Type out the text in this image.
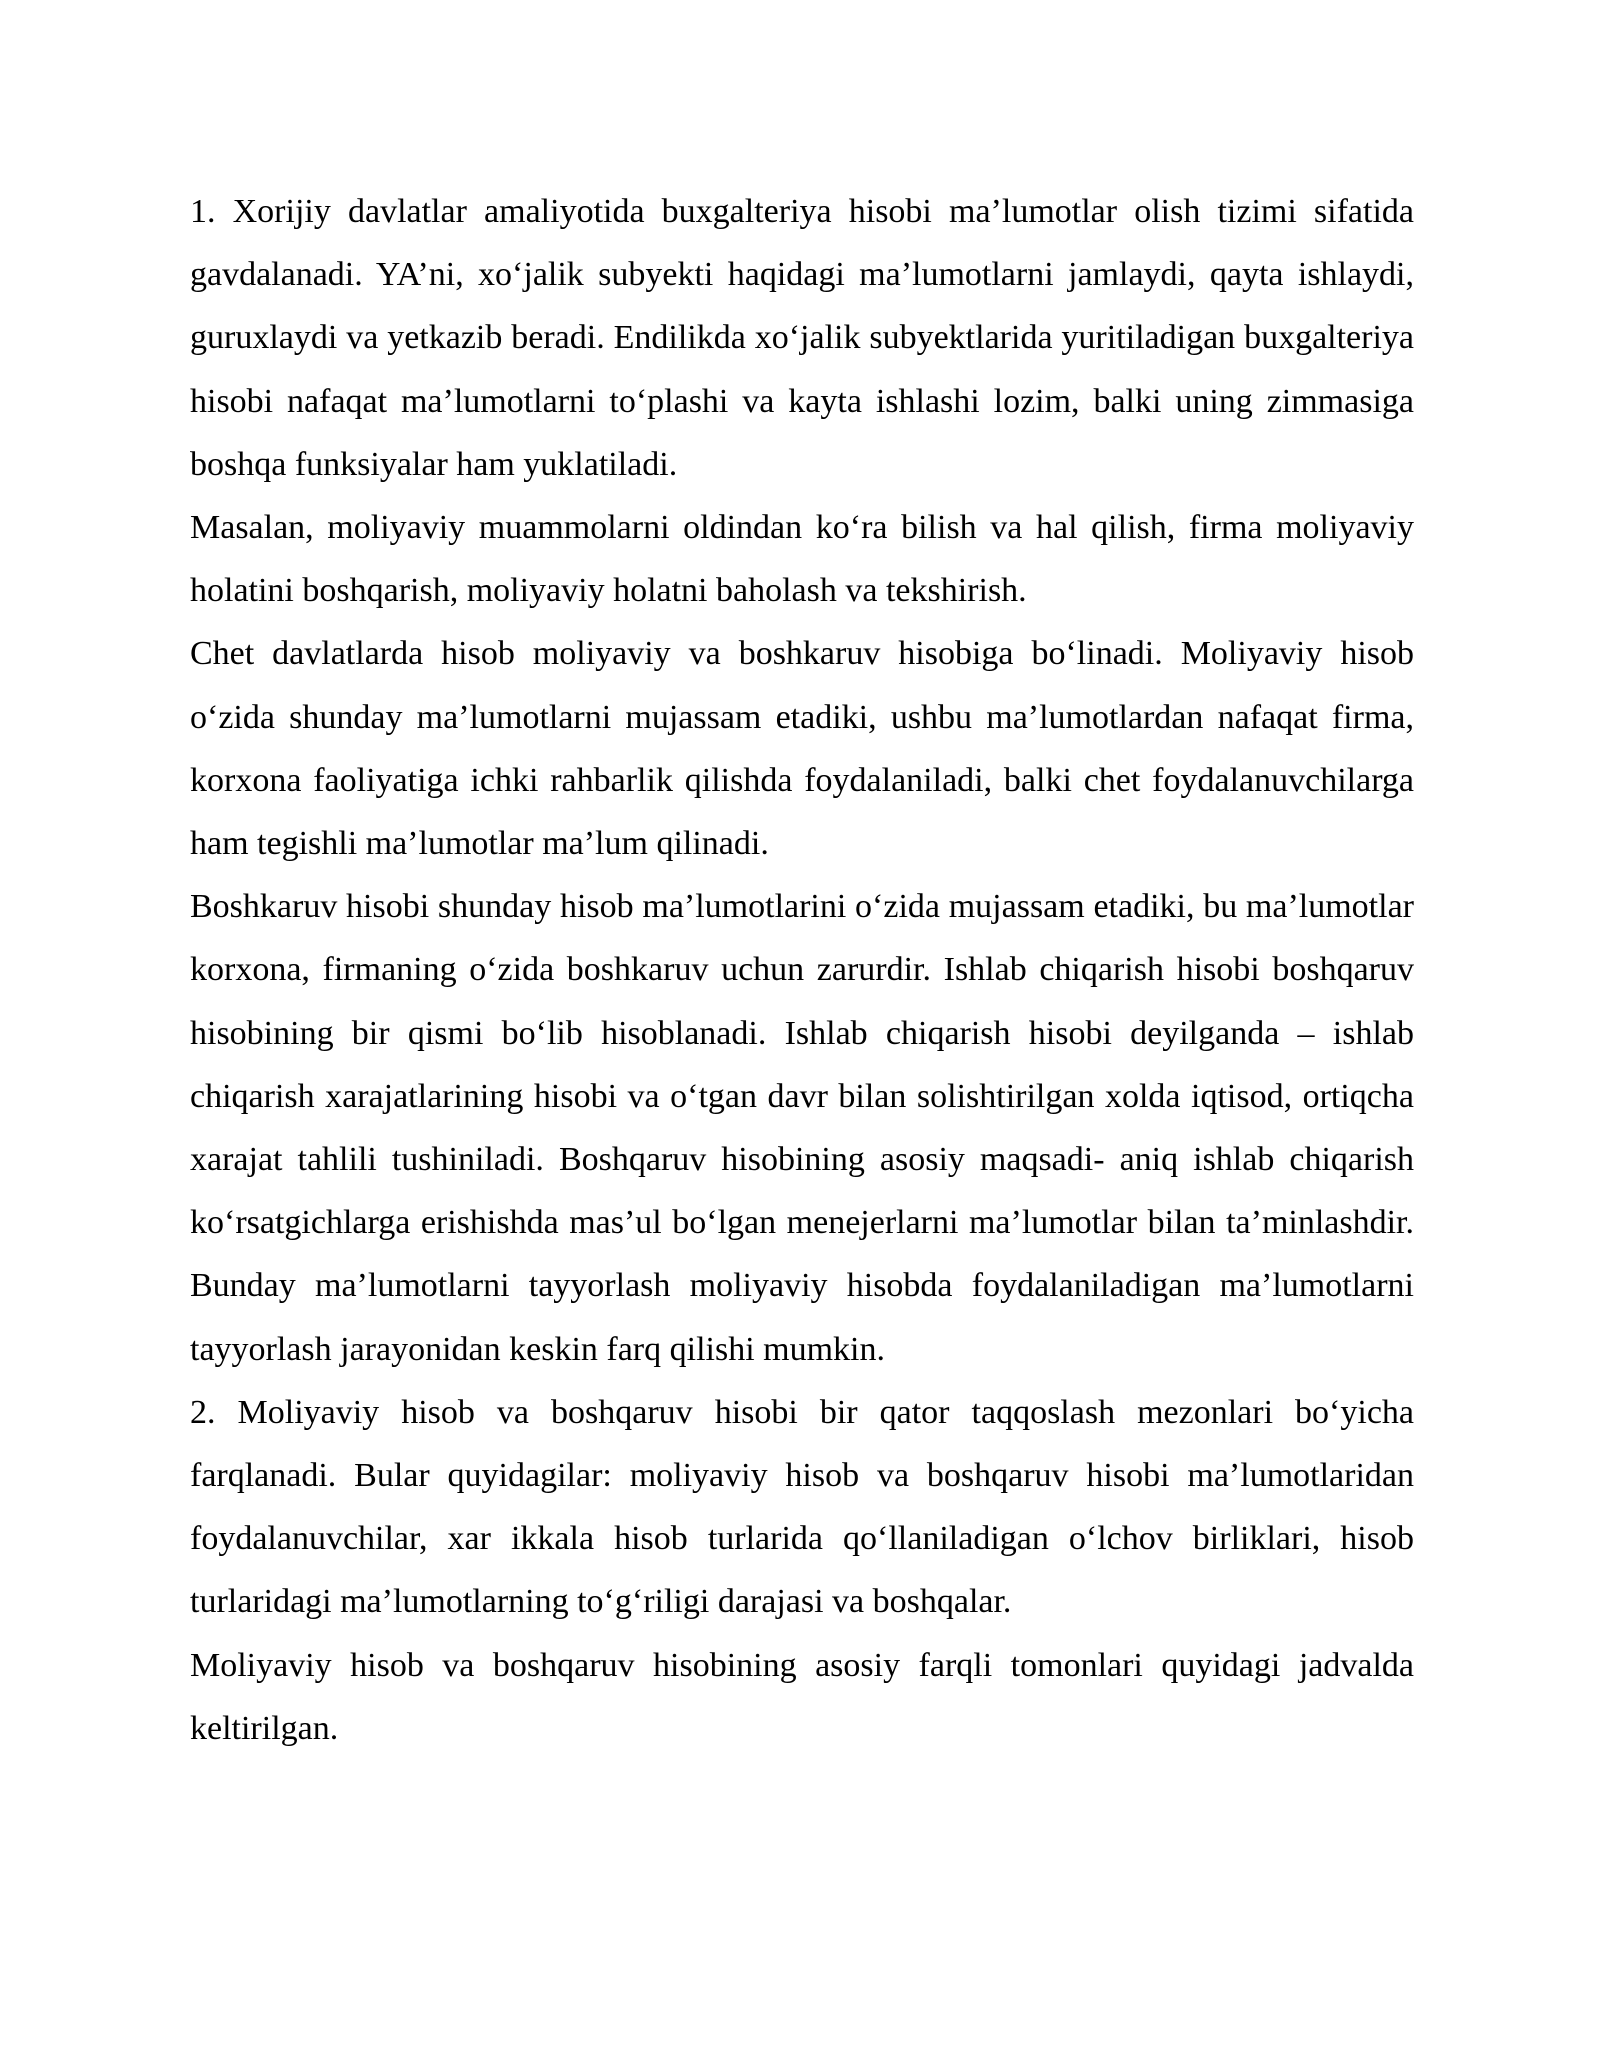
1. Xorijiy davlatlar amaliyotida buxgalteriya hisobi ma’lumotlar olish tizimi sifatida gavdalanadi. YA’ni, xo‘jalik subyekti haqidagi ma’lumotlarni jamlaydi, qayta ishlaydi, guruxlaydi va yetkazib beradi. Endilikda xo‘jalik subyektlarida yuritiladigan buxgalteriya hisobi nafaqat ma’lumotlarni to‘plashi va kayta ishlashi lozim, balki uning zimmasiga boshqa funksiyalar ham yuklatiladi.

Masalan, moliyaviy muammolarni oldindan ko‘ra bilish va hal qilish, firma moliyaviy holatini boshqarish, moliyaviy holatni baholash va tekshirish.

Chet davlatlarda hisob moliyaviy va boshkaruv hisobiga bo‘linadi. Moliyaviy hisob o‘zida shunday ma’lumotlarni mujassam etadiki, ushbu ma’lumotlardan nafaqat firma, korxona faoliyatiga ichki rahbarlik qilishda foydalaniladi, balki chet foydalanuvchilarga ham tegishli ma’lumotlar ma’lum qilinadi.

Boshkaruv hisobi shunday hisob ma’lumotlarini o‘zida mujassam etadiki, bu ma’lumotlar korxona, firmaning o‘zida boshkaruv uchun zarurdir. Ishlab chiqarish hisobi boshqaruv hisobining bir qismi bo‘lib hisoblanadi. Ishlab chiqarish hisobi deyilganda – ishlab chiqarish xarajatlarining hisobi va o‘tgan davr bilan solishtirilgan xolda iqtisod, ortiqcha xarajat tahlili tushiniladi. Boshqaruv hisobining asosiy maqsadi- aniq ishlab chiqarish ko‘rsatgichlarga erishishda mas’ul bo‘lgan menejerlarni ma’lumotlar bilan ta’minlashdir. Bunday ma’lumotlarni tayyorlash moliyaviy hisobda foydalaniladigan ma’lumotlarni tayyorlash jarayonidan keskin farq qilishi mumkin.

2. Moliyaviy hisob va boshqaruv hisobi bir qator taqqoslash mezonlari bo‘yicha farqlanadi. Bular quyidagilar: moliyaviy hisob va boshqaruv hisobi ma’lumotlaridan foydalanuvchilar, xar ikkala hisob turlarida qo‘llaniladigan o‘lchov birliklari, hisob turlaridagi ma’lumotlarning to‘g‘riligi darajasi va boshqalar.

Moliyaviy hisob va boshqaruv hisobining asosiy farqli tomonlari quyidagi jadvalda keltirilgan.
